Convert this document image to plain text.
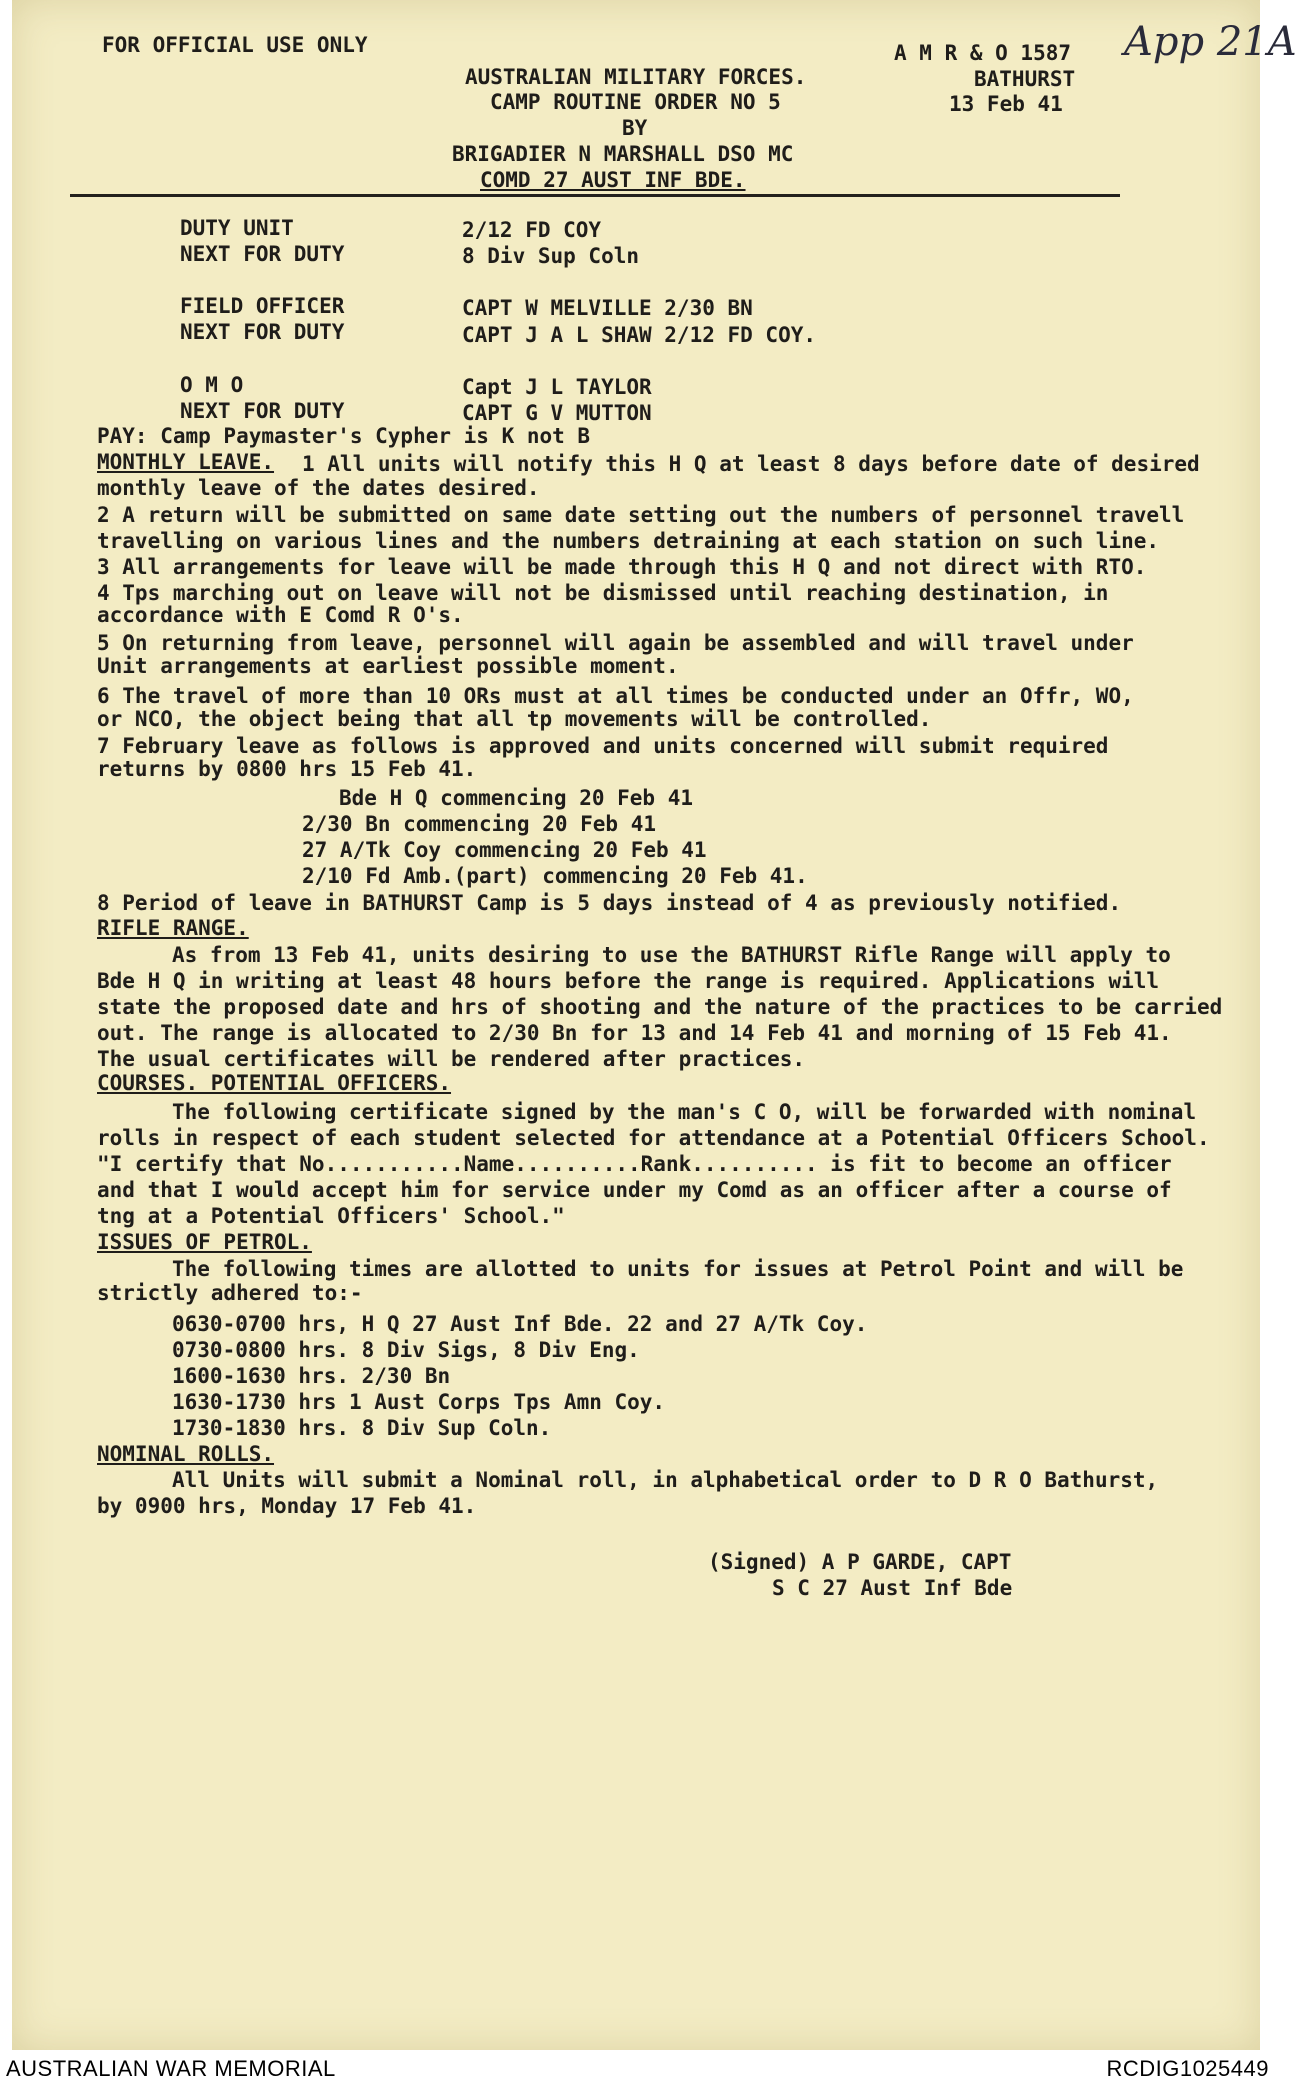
FOR OFFICIAL USE ONLY
AUSTRALIAN MILITARY FORCES.
CAMP ROUTINE ORDER NO 5
BY
BRIGADIER N MARSHALL DSO MC
COMD 27 AUST INF BDE.
A M R & O 1587
BATHURST
13 Feb 41
App 21A
DUTY UNIT	2/12 FD COY
NEXT FOR DUTY	8 Div Sup Coln
FIELD OFFICER	CAPT W MELVILLE 2/30 BN
NEXT FOR DUTY	CAPT J A L SHAW 2/12 FD COY.
O M O	Capt J L TAYLOR
NEXT FOR DUTY	CAPT G V MUTTON
PAY: Camp Paymaster's Cypher is K not B
MONTHLY LEAVE. 1 All units will notify this H Q at least 8 days before date of desired
monthly leave of the dates desired.
2 A return will be submitted on same date setting out the numbers of personnel travell
travelling on various lines and the numbers detraining at each station on such line.
3 All arrangements for leave will be made through this H Q and not direct with RTO.
4 Tps marching out on leave will not be dismissed until reaching destination, in
accordance with E Comd R O's.
5 On returning from leave, personnel will again be assembled and will travel under
Unit arrangements at earliest possible moment.
6 The travel of more than 10 ORs must at all times be conducted under an Offr, WO,
or NCO, the object being that all tp movements will be controlled.
7 February leave as follows is approved and units concerned will submit required
returns by 0800 hrs 15 Feb 41.
Bde H Q commencing 20 Feb 41
2/30 Bn commencing 20 Feb 41
27 A/Tk Coy commencing 20 Feb 41
2/10 Fd Amb.(part) commencing 20 Feb 41.
8 Period of leave in BATHURST Camp is 5 days instead of 4 as previously notified.
RIFLE RANGE.
As from 13 Feb 41, units desiring to use the BATHURST Rifle Range will apply to
Bde H Q in writing at least 48 hours before the range is required. Applications will
state the proposed date and hrs of shooting and the nature of the practices to be carried
out. The range is allocated to 2/30 Bn for 13 and 14 Feb 41 and morning of 15 Feb 41.
The usual certificates will be rendered after practices.
COURSES. POTENTIAL OFFICERS.
The following certificate signed by the man's C O, will be forwarded with nominal
rolls in respect of each student selected for attendance at a Potential Officers School.
"I certify that No...........Name..........Rank.......... is fit to become an officer
and that I would accept him for service under my Comd as an officer after a course of
tng at a Potential Officers' School."
ISSUES OF PETROL.
The following times are allotted to units for issues at Petrol Point and will be
strictly adhered to:-
0630-0700 hrs, H Q 27 Aust Inf Bde. 22 and 27 A/Tk Coy.
0730-0800 hrs. 8 Div Sigs, 8 Div Eng.
1600-1630 hrs. 2/30 Bn
1630-1730 hrs 1 Aust Corps Tps Amn Coy.
1730-1830 hrs. 8 Div Sup Coln.
NOMINAL ROLLS.
All Units will submit a Nominal roll, in alphabetical order to D R O Bathurst,
by 0900 hrs, Monday 17 Feb 41.
(Signed) A P GARDE, CAPT
S C 27 Aust Inf Bde
AUSTRALIAN WAR MEMORIAL	RCDIG1025449
